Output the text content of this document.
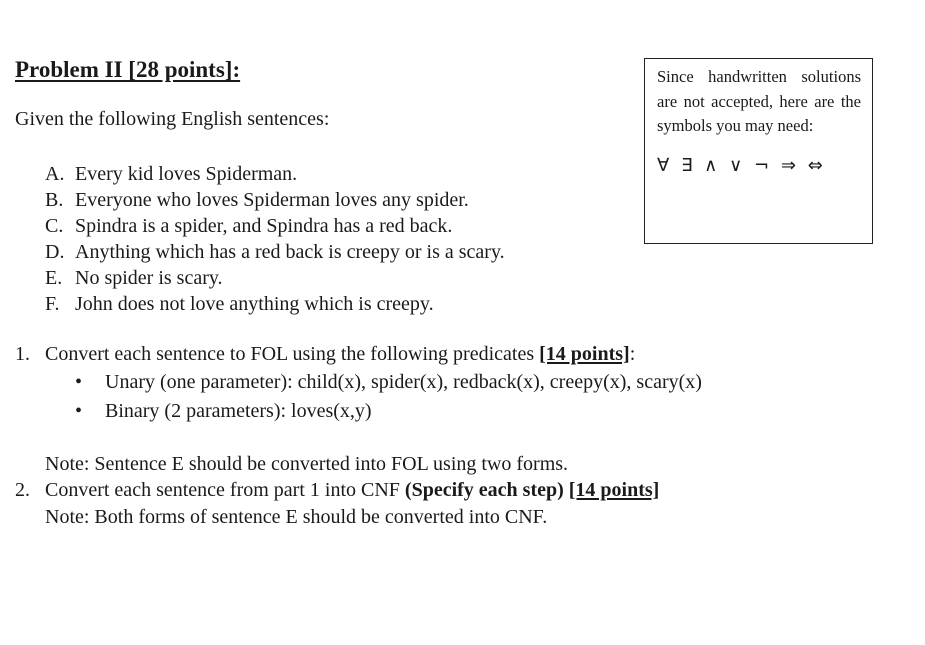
Problem II [28 points]:
Given the following English sentences:
A. Every kid loves Spiderman.
B. Everyone who loves Spiderman loves any spider.
C. Spindra is a spider, and Spindra has a red back.
D. Anything which has a red back is creepy or is a scary.
E. No spider is scary.
F. John does not love anything which is creepy.
Since handwritten solutions are not accepted, here are the symbols you may need:
∀ ∃ ∧ ∨ ¬ ⇒ ⇔
1. Convert each sentence to FOL using the following predicates [14 points]:
• Unary (one parameter): child(x), spider(x), redback(x), creepy(x), scary(x)
• Binary (2 parameters): loves(x,y)
Note: Sentence E should be converted into FOL using two forms.
2. Convert each sentence from part 1 into CNF (Specify each step) [14 points]
Note: Both forms of sentence E should be converted into CNF.
